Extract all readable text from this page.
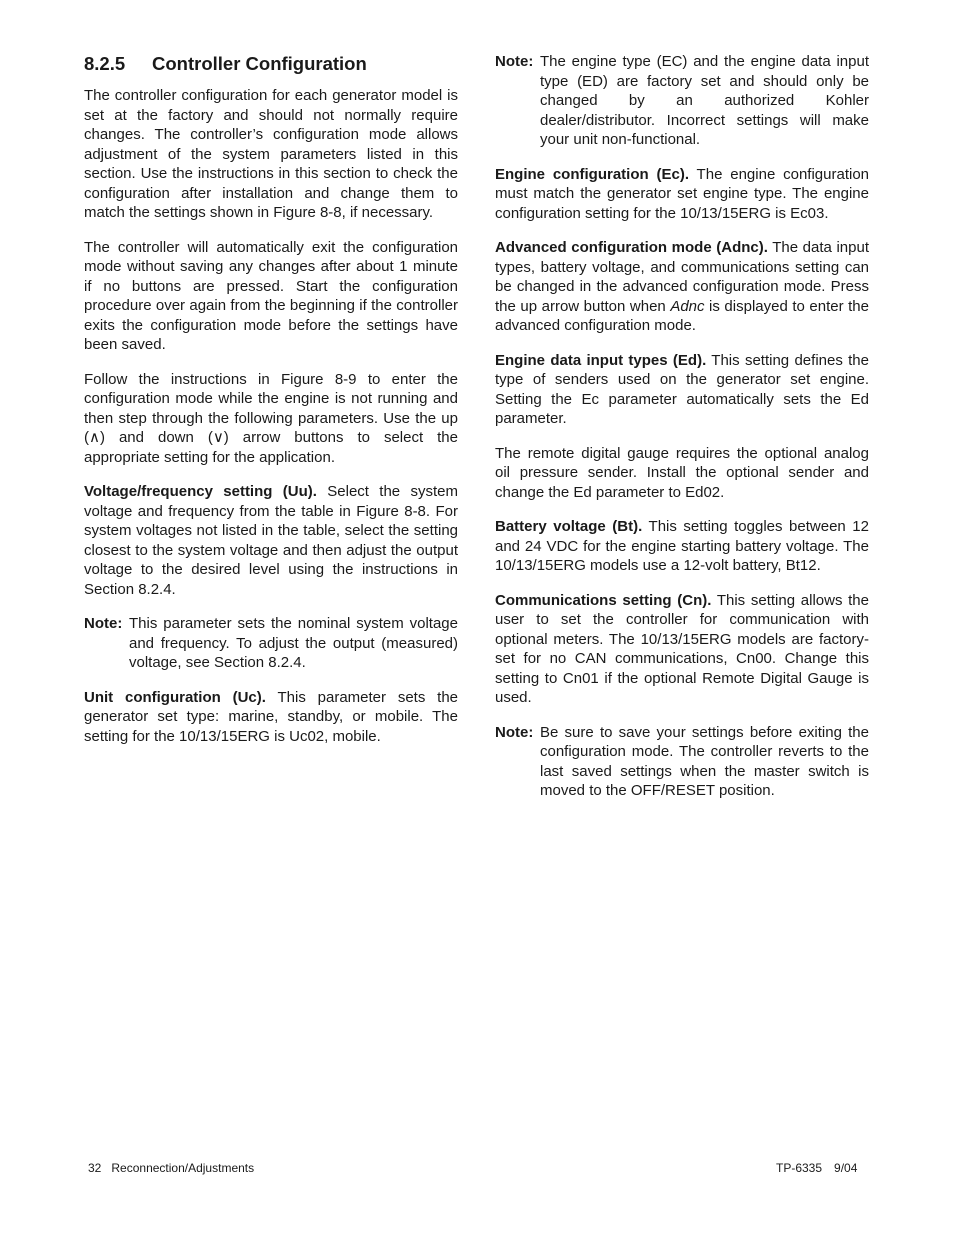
8.2.5 Controller Configuration

The controller configuration for each generator model is set at the factory and should not normally require changes. The controller’s configuration mode allows adjustment of the system parameters listed in this section. Use the instructions in this section to check the configuration after installation and change them to match the settings shown in Figure 8-8, if necessary.

The controller will automatically exit the configuration mode without saving any changes after about 1 minute if no buttons are pressed. Start the configuration procedure over again from the beginning if the controller exits the configuration mode before the settings have been saved.

Follow the instructions in Figure 8-9 to enter the configuration mode while the engine is not running and then step through the following parameters. Use the up (∧) and down (∨) arrow buttons to select the appropriate setting for the application.

Voltage/frequency setting (Uu). Select the system voltage and frequency from the table in Figure 8-8. For system voltages not listed in the table, select the setting closest to the system voltage and then adjust the output voltage to the desired level using the instructions in Section 8.2.4.

Note: This parameter sets the nominal system voltage and frequency. To adjust the output (measured) voltage, see Section 8.2.4.

Unit configuration (Uc). This parameter sets the generator set type: marine, standby, or mobile. The setting for the 10/13/15ERG is Uc02, mobile.

Note: The engine type (EC) and the engine data input type (ED) are factory set and should only be changed by an authorized Kohler dealer/distributor. Incorrect settings will make your unit non-functional.

Engine configuration (Ec). The engine configuration must match the generator set engine type. The engine configuration setting for the 10/13/15ERG is Ec03.

Advanced configuration mode (Adnc). The data input types, battery voltage, and communications setting can be changed in the advanced configuration mode. Press the up arrow button when Adnc is displayed to enter the advanced configuration mode.

Engine data input types (Ed). This setting defines the type of senders used on the generator set engine. Setting the Ec parameter automatically sets the Ed parameter.

The remote digital gauge requires the optional analog oil pressure sender. Install the optional sender and change the Ed parameter to Ed02.

Battery voltage (Bt). This setting toggles between 12 and 24 VDC for the engine starting battery voltage. The 10/13/15ERG models use a 12-volt battery, Bt12.

Communications setting (Cn). This setting allows the user to set the controller for communication with optional meters. The 10/13/15ERG models are factory-set for no CAN communications, Cn00. Change this setting to Cn01 if the optional Remote Digital Gauge is used.

Note: Be sure to save your settings before exiting the configuration mode. The controller reverts to the last saved settings when the master switch is moved to the OFF/RESET position.
32 Reconnection/Adjustments	TP-6335 9/04
